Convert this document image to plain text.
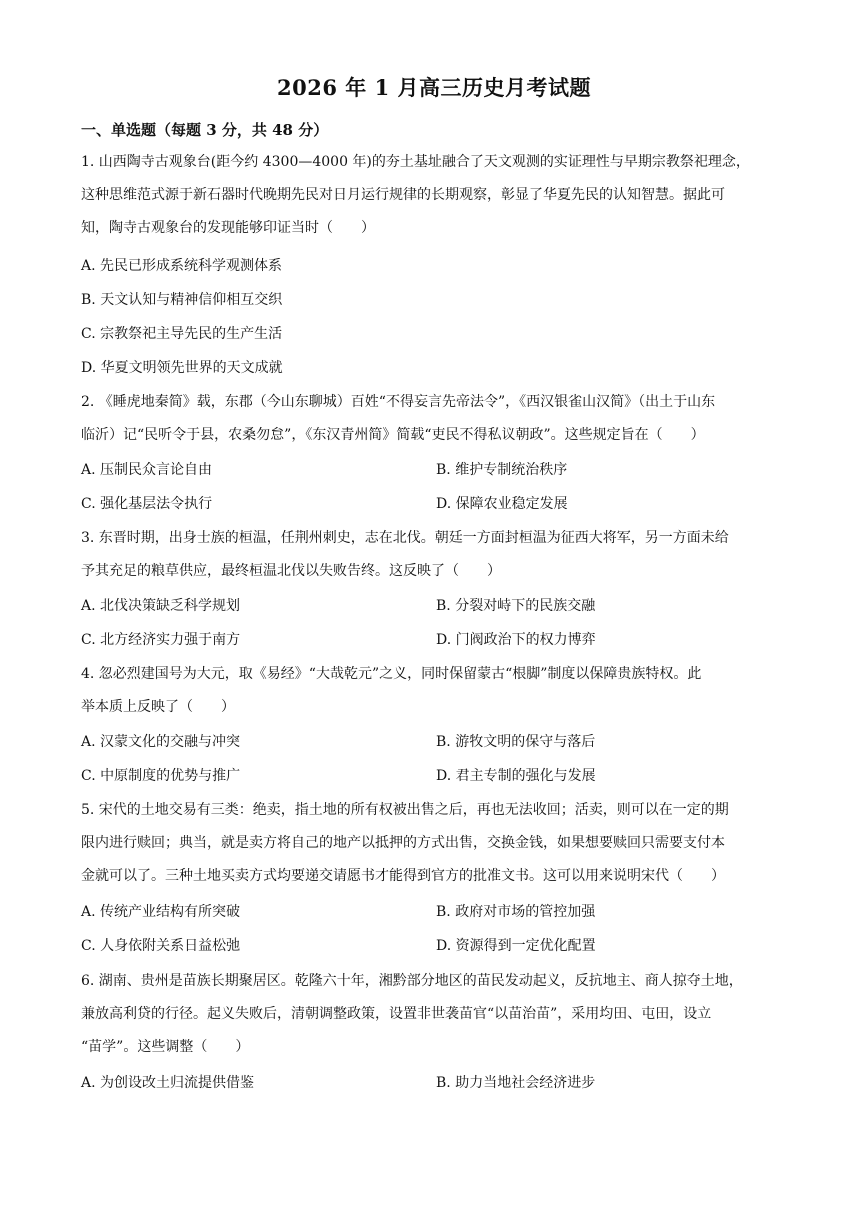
2026 年 1 月高三历史月考试题
一、单选题（每题 3 分，共 48 分）

1. 山西陶寺古观象台(距今约 4300—4000 年)的夯土基址融合了天文观测的实证理性与早期宗教祭祀理念，

这种思维范式源于新石器时代晚期先民对日月运行规律的长期观察，彰显了华夏先民的认知智慧。据此可

知，陶寺古观象台的发现能够印证当时（　　）

A. 先民已形成系统科学观测体系
B. 天文认知与精神信仰相互交织
C. 宗教祭祀主导先民的生产生活
D. 华夏文明领先世界的天文成就

2. 《睡虎地秦简》载，东郡（今山东聊城）百姓“不得妄言先帝法令”，《西汉银雀山汉简》（出土于山东

临沂）记“民听令于县，农桑勿怠”，《东汉青州简》简载“吏民不得私议朝政”。这些规定旨在（　　）

A. 压制民众言论自由	B. 维护专制统治秩序
C. 强化基层法令执行	D. 保障农业稳定发展

3. 东晋时期，出身士族的桓温，任荆州刺史，志在北伐。朝廷一方面封桓温为征西大将军，另一方面未给

予其充足的粮草供应，最终桓温北伐以失败告终。这反映了（　　）

A. 北伐决策缺乏科学规划	B. 分裂对峙下的民族交融
C. 北方经济实力强于南方	D. 门阀政治下的权力博弈

4. 忽必烈建国号为大元，取《易经》“大哉乾元”之义，同时保留蒙古“根脚”制度以保障贵族特权。此

举本质上反映了（　　）

A. 汉蒙文化的交融与冲突	B. 游牧文明的保守与落后
C. 中原制度的优势与推广	D. 君主专制的强化与发展

5. 宋代的土地交易有三类：绝卖，指土地的所有权被出售之后，再也无法收回；活卖，则可以在一定的期

限内进行赎回；典当，就是卖方将自己的地产以抵押的方式出售，交换金钱，如果想要赎回只需要支付本

金就可以了。三种土地买卖方式均要递交请愿书才能得到官方的批准文书。这可以用来说明宋代（　　）

A. 传统产业结构有所突破	B. 政府对市场的管控加强
C. 人身依附关系日益松弛	D. 资源得到一定优化配置

6. 湖南、贵州是苗族长期聚居区。乾隆六十年，湘黔部分地区的苗民发动起义，反抗地主、商人掠夺土地，

兼放高利贷的行径。起义失败后，清朝调整政策，设置非世袭苗官“以苗治苗”，采用均田、屯田，设立

“苗学”。这些调整（　　）

A. 为创设改土归流提供借鉴	B. 助力当地社会经济进步
